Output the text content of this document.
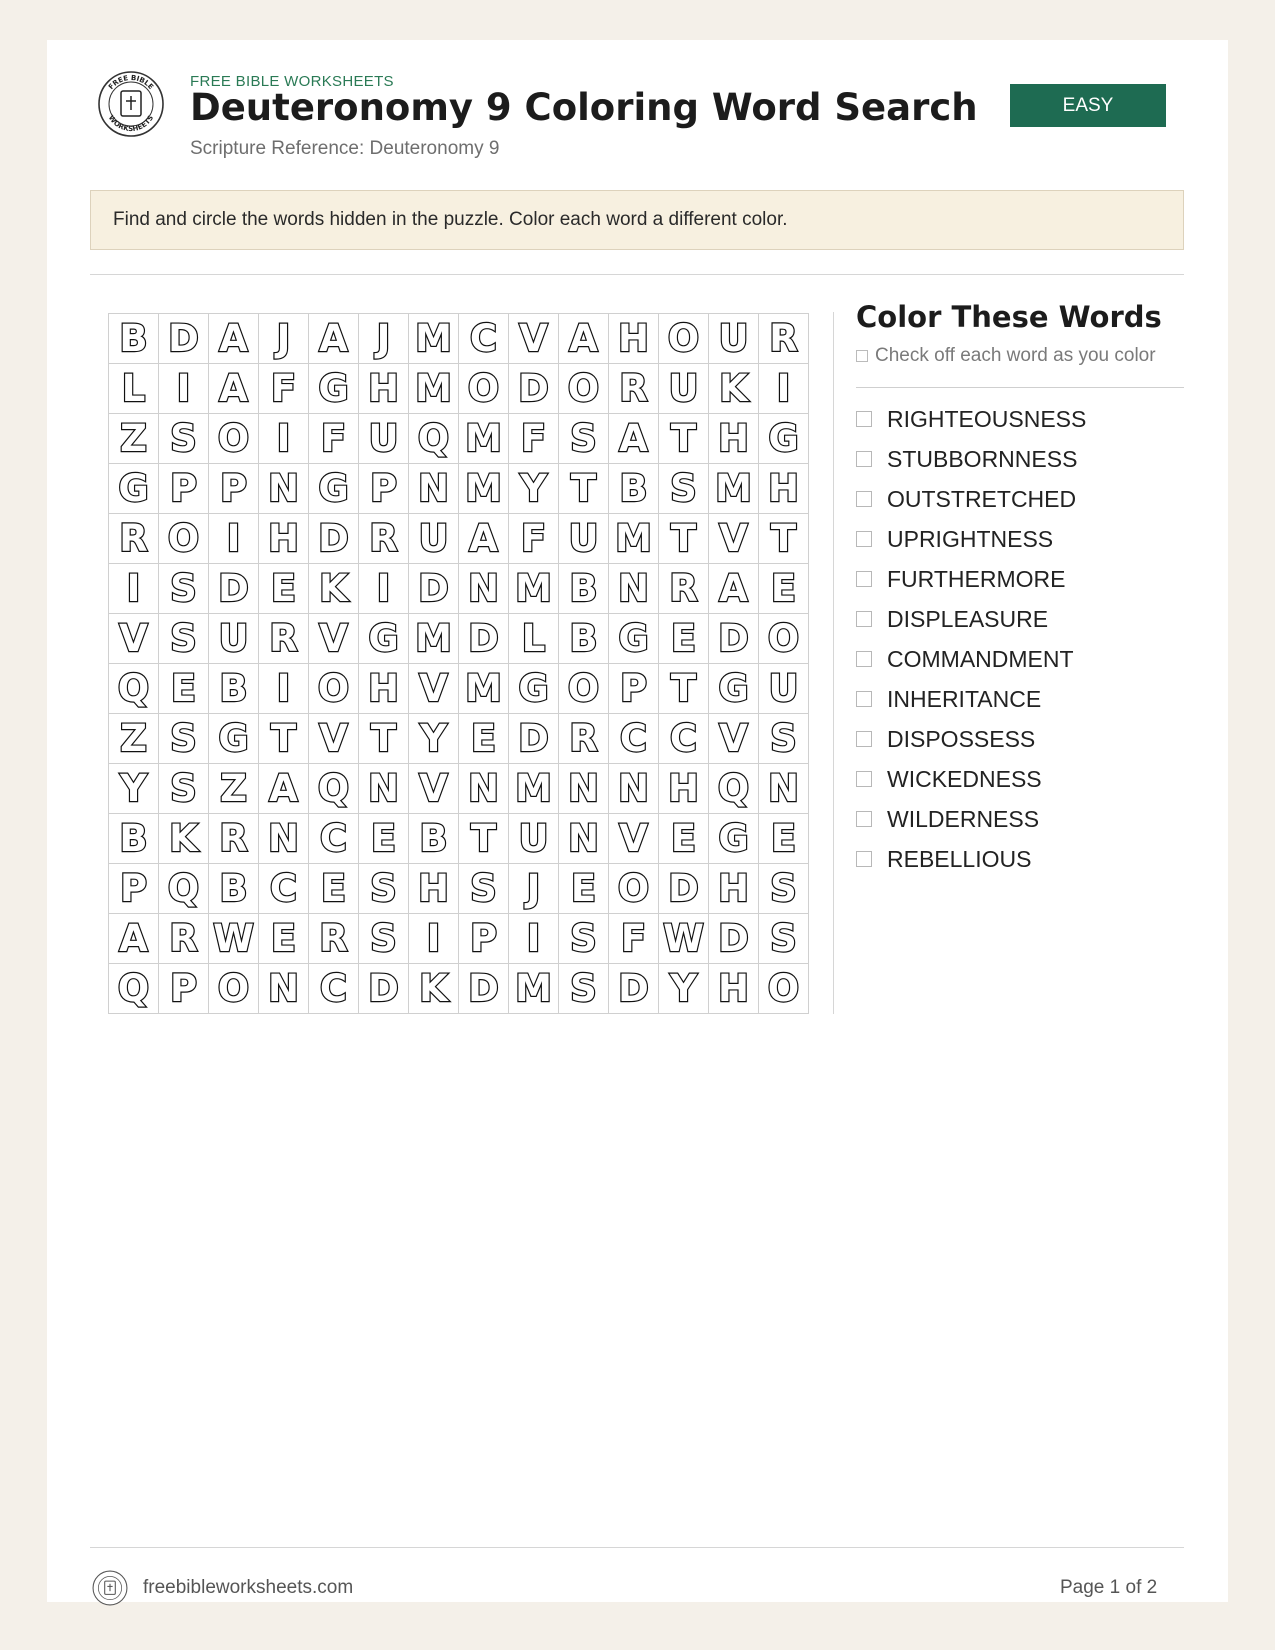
FREE BIBLE
WORKSHEETS
FREE BIBLE WORKSHEETS
Deuteronomy 9 Coloring Word Search
Scripture Reference: Deuteronomy 9
EASY
Find and circle the words hidden in the puzzle. Color each word a different color.
B D A J A J M C V A H O U R
L I A F G H M O D O R U K I
Z S O I F U Q M F S A T H G
G P P N G P N M Y T B S M H
R O I H D R U A F U M T V T
I S D E K I D N M B N R A E
V S U R V G M D L B G E D O
Q E B I O H V M G O P T G U
Z S G T V T Y E D R C C V S
Y S Z A Q N V N M N N H Q N
B K R N C E B T U N V E G E
P Q B C E S H S J E O D H S
A R W E R S I P I S F W D S
Q P O N C D K D M S D Y H O
Color These Words
Check off each word as you color
RIGHTEOUSNESS
STUBBORNNESS
OUTSTRETCHED
UPRIGHTNESS
FURTHERMORE
DISPLEASURE
COMMANDMENT
INHERITANCE
DISPOSSESS
WICKEDNESS
WILDERNESS
REBELLIOUS
freebibleworksheets.com	Page 1 of 2
